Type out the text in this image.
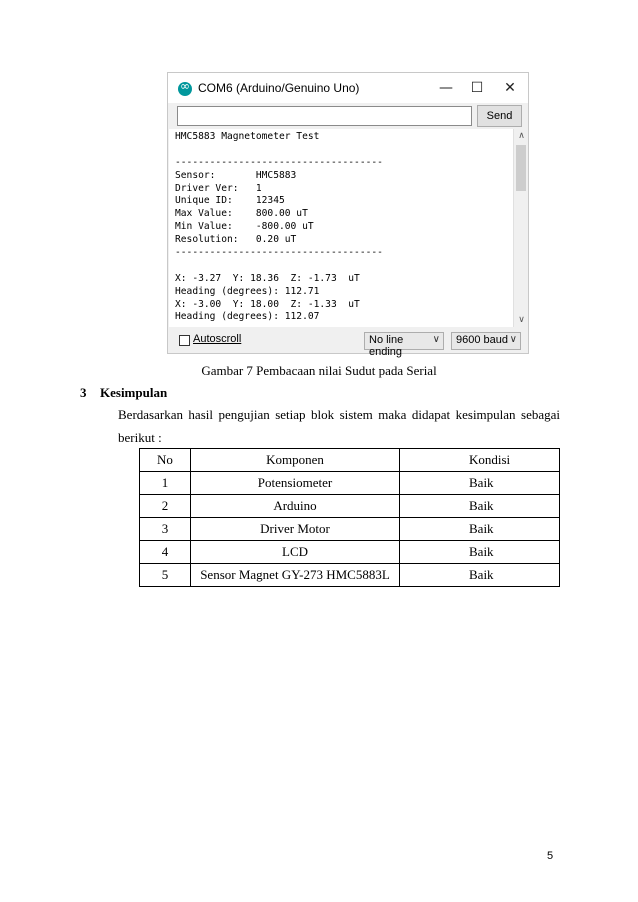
∞
COM6 (Arduino/Genuino Uno)	— ☐ ✕
Send
HMC5883 Magnetometer Test
------------------------------------
Sensor:       HMC5883
Driver Ver:   1
Unique ID:    12345
Max Value:    800.00 uT
Min Value:    -800.00 uT
Resolution:   0.20 uT
------------------------------------
X: -3.27  Y: 18.36  Z: -1.73  uT
Heading (degrees): 112.71
X: -3.00  Y: 18.00  Z: -1.33  uT
Heading (degrees): 112.07
∧
∨
Autoscroll	No line ending
∨	9600 baud ∨
Gambar 7 Pembacaan nilai Sudut pada Serial
3 Kesimpulan
Berdasarkan hasil pengujian setiap blok sistem maka didapat kesimpulan sebagai berikut :
No	Komponen	Kondisi
1	Potensiometer	Baik
2	Arduino	Baik
3	Driver Motor	Baik
4	LCD	Baik
5	Sensor Magnet GY-273 HMC5883L	Baik
5
